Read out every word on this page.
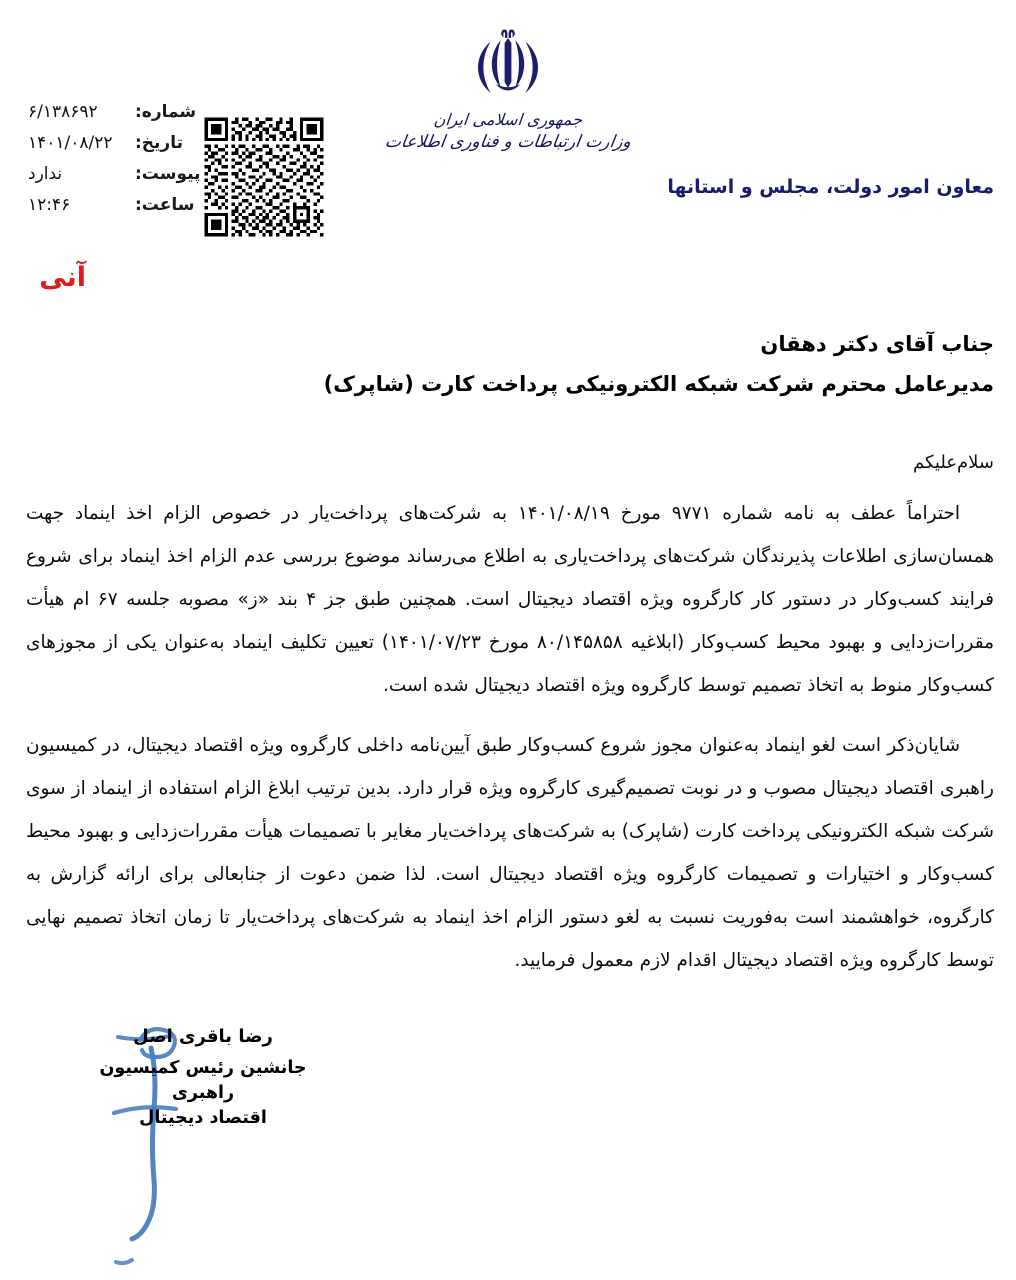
جمهوری اسلامی ایران
وزارت ارتباطات و فناوری اطلاعات
شماره:
۶/۱۳۸۶۹۲
تاریخ:
۱۴۰۱/۰۸/۲۲
پیوست:
ندارد
ساعت:
۱۲:۴۶
معاون امور دولت، مجلس و استانها
آنی
جناب آقای دکتر دهقان
مدیرعامل محترم شرکت شبکه الکترونیکی پرداخت کارت (شاپرک)
سلام‌علیکم

احتراماً عطف به نامه شماره ۹۷۷۱ مورخ ۱۴۰۱/۰۸/۱۹ به شرکت‌های پرداخت‌یار در خصوص الزام اخذ اینماد جهت همسان‌سازی اطلاعات پذیرندگان شرکت‌های پرداخت‌یاری به اطلاع می‌رساند موضوع بررسی عدم الزام اخذ اینماد برای شروع فرایند کسب‌وکار در دستور کار کارگروه ویژه اقتصاد دیجیتال است. همچنین طبق جز ۴ بند «ز» مصوبه جلسه ۶۷ ام هیأت مقررات‌زدایی و بهبود محیط کسب‌وکار (ابلاغیه ۸۰/۱۴۵۸۵۸ مورخ ۱۴۰۱/۰۷/۲۳) تعیین تکلیف اینماد به‌عنوان یکی از مجوزهای کسب‌وکار منوط به اتخاذ تصمیم توسط کارگروه ویژه اقتصاد دیجیتال شده است.

شایان‌ذکر است لغو اینماد به‌عنوان مجوز شروع کسب‌وکار طبق آیین‌نامه داخلی کارگروه ویژه اقتصاد دیجیتال، در کمیسیون راهبری اقتصاد دیجیتال مصوب و در نوبت تصمیم‌گیری کارگروه ویژه قرار دارد. بدین ترتیب ابلاغ الزام استفاده از اینماد از سوی شرکت شبکه الکترونیکی پرداخت کارت (شاپرک) به شرکت‌های پرداخت‌یار مغایر با تصمیمات هیأت مقررات‌زدایی و بهبود محیط کسب‌وکار و اختیارات و تصمیمات کارگروه ویژه اقتصاد دیجیتال است. لذا ضمن دعوت از جنابعالی برای ارائه گزارش به کارگروه، خواهشمند است به‌فوریت نسبت به لغو دستور الزام اخذ اینماد به شرکت‌های پرداخت‌یار تا زمان اتخاذ تصمیم نهایی توسط کارگروه ویژه اقتصاد دیجیتال اقدام لازم معمول فرمایید.

رضا باقری اصل
جانشین رئیس کمیسیون راهبری
اقتصاد دیجیتال
